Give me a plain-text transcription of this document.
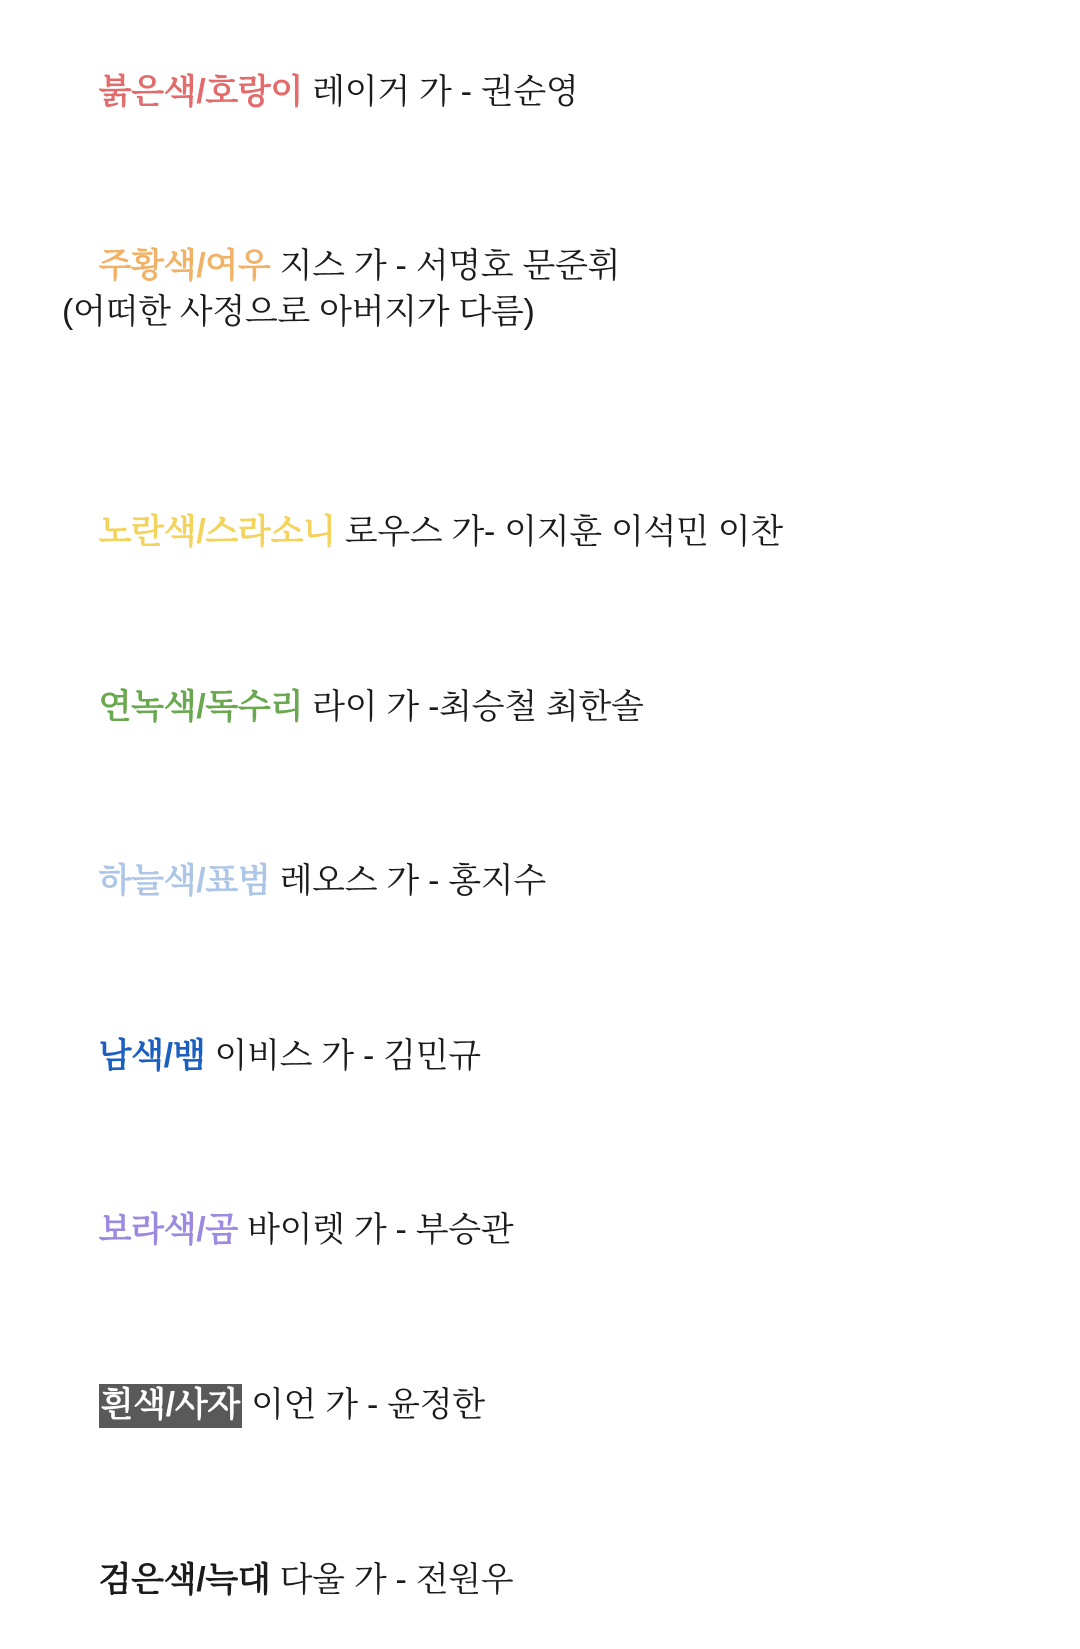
붉은색/호랑이 레이거 가 - 권순영

주황색/여우 지스 가 - 서명호 문준휘
(어떠한 사정으로 아버지가 다름)

노란색/스라소니 로우스 가- 이지훈 이석민 이찬

연녹색/독수리 라이 가 -최승철 최한솔

하늘색/표범 레오스 가 - 홍지수

남색/뱀 이비스 가 - 김민규

보라색/곰 바이렛 가 - 부승관

흰색/사자 이언 가 - 윤정한

검은색/늑대 다울 가 - 전원우
